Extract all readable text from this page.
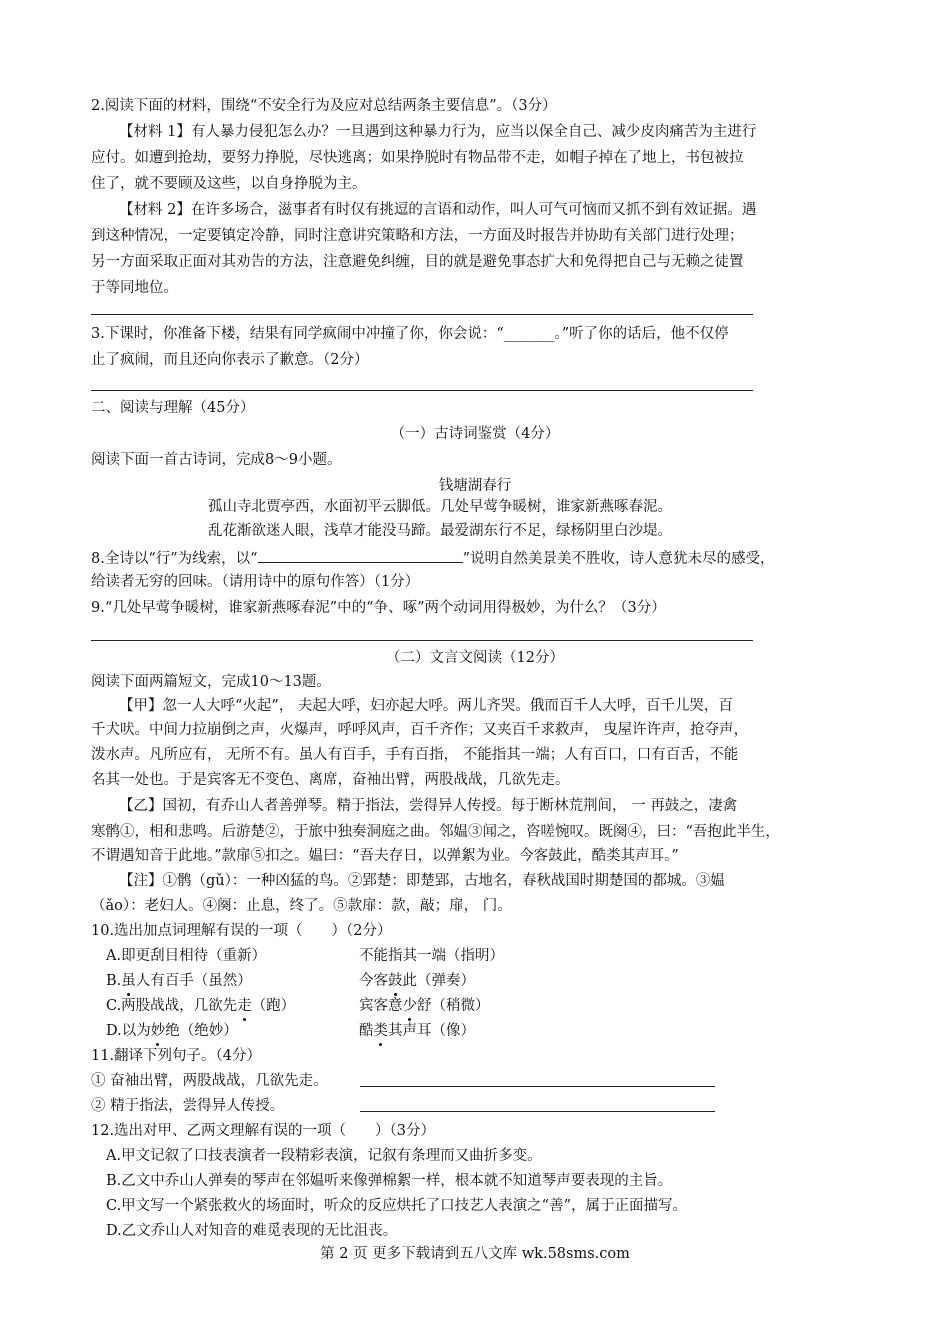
2.阅读下面的材料，围绕“不安全行为及应对总结两条主要信息”。（3分）
【材料 1】有人暴力侵犯怎么办？一旦遇到这种暴力行为，应当以保全自己、减少皮肉痛苦为主进行
应付。如遭到抢劫，要努力挣脱，尽快逃离；如果挣脱时有物品带不走，如帽子掉在了地上，书包被拉
住了，就不要顾及这些，以自身挣脱为主。
【材料 2】在许多场合，滋事者有时仅有挑逗的言语和动作，叫人可气可恼而又抓不到有效证据。遇
到这种情况，一定要镇定冷静，同时注意讲究策略和方法，一方面及时报告并协助有关部门进行处理；
另一方面采取正面对其劝告的方法，注意避免纠缠，目的就是避免事态扩大和免得把自己与无赖之徒置
于等同地位。
3.下课时，你准备下楼，结果有同学疯闹中冲撞了你，你会说：“_______。”听了你的话后，他不仅停
止了疯闹，而且还向你表示了歉意。（2分）
二、阅读与理解（45分）
（一）古诗词鉴赏（4分）
阅读下面一首古诗词，完成8～9小题。
钱塘湖春行
孤山寺北贾亭西，水面初平云脚低。几处早莺争暖树，谁家新燕啄春泥。
乱花渐欲迷人眼，浅草才能没马蹄。最爱湖东行不足，绿杨阴里白沙堤。
8.全诗以“行”为线索，以“	”说明自然美景美不胜收，诗人意犹未尽的感受，
给读者无穷的回味。（请用诗中的原句作答）（1分）
9.“几处早莺争暖树，谁家新燕啄春泥”中的“争、啄”两个动词用得极妙，为什么？（3分）
（二）文言文阅读（12分）
阅读下面两篇短文，完成10～13题。
【甲】忽一人大呼“火起”， 夫起大呼，妇亦起大呼。两儿齐哭。俄而百千人大呼，百千儿哭，百
千犬吠。中间力拉崩倒之声，火爆声，呼呼风声，百千齐作；又夹百千求救声， 曳屋许许声，抢夺声，
泼水声。凡所应有， 无所不有。虽人有百手，手有百指， 不能指其一端；人有百口，口有百舌，不能
名其一处也。于是宾客无不变色、离席，奋袖出臂，两股战战，几欲先走。
【乙】国初，有乔山人者善弹琴。精于指法，尝得异人传授。每于断林荒荆间， 一 再鼓之，凄禽
寒鹘①，相和悲鸣。后游楚②，于旅中独奏洞庭之曲。邻媪③闻之，咨嗟惋叹。既阕④，曰：“吾抱此半生，
不谓遇知音于此地。”款扉⑤扣之。媪曰：“吾夫存日，以弹絮为业。今客鼓此，酷类其声耳。”
【注】①鹘（gǔ）：一种凶猛的鸟。②郢楚：即楚郢，古地名，春秋战国时期楚国的都城。③媪
（ǎo）：老妇人。④阕：止息，终了。⑤款扉：款，敲；扉， 门。
10.选出加点词理解有误的一项（　　）（2分）
A.即更刮目相待（重新）	不能指其一端（指明）
B.虽人有百手（虽然）	今客鼓此（弹奏）
C.两股战战，几欲先走（跑）	宾客意少舒（稍微）
D.以为妙绝（绝妙）	酷类其声耳（像）
11.翻译下列句子。（4分）
① 奋袖出臂，两股战战，几欲先走。
② 精于指法，尝得异人传授。
12.选出对甲、乙两文理解有误的一项（　　）（3分）
A.甲文记叙了口技表演者一段精彩表演，记叙有条理而又曲折多变。
B.乙文中乔山人弹奏的琴声在邻媪听来像弹棉絮一样，根本就不知道琴声要表现的主旨。
C.甲文写一个紧张救火的场面时，听众的反应烘托了口技艺人表演之“善”，属于正面描写。
D.乙文乔山人对知音的难觅表现的无比沮丧。
第 2 页 更多下载请到五八文库 wk.58sms.com
